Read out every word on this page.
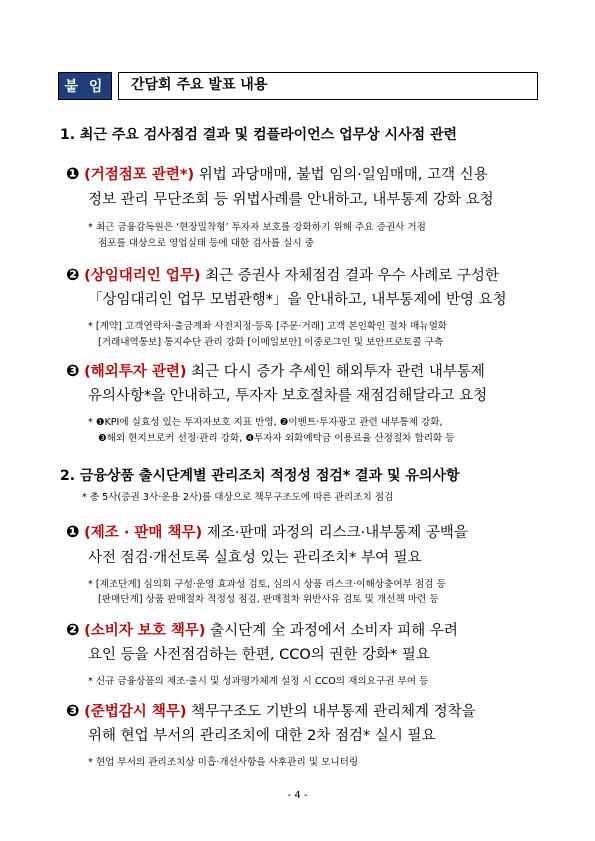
붙 임	간담회 주요 발표 내용
1. 최근 주요 검사점검 결과 및 컴플라이언스 업무상 시사점 관련
❶ (거점점포 관련*) 위법 과당매매, 불법 임의·일임매매, 고객 신용
정보 관리 무단조회 등 위법사례를 안내하고, 내부통제 강화 요청
* 최근 금융감독원은 ‘현장밀착형’ 투자자 보호를 강화하기 위해 주요 증권사 거점
점포를 대상으로 영업실태 등에 대한 검사를 실시 중
❷ (상임대리인 업무) 최근 증권사 자체점검 결과 우수 사례로 구성한
「상임대리인 업무 모범관행*」을 안내하고, 내부통제에 반영 요청
* [계약] 고객연락처·출금계좌 사전지정·등록 [주문·거래] 고객 본인확인 절차 매뉴얼화
[거래내역통보] 통지수단 관리 강화 [이메일보안] 이중로그인 및 보안프로토콜 구축
❸ (해외투자 관련) 최근 다시 증가 추세인 해외투자 관련 내부통제
유의사항*을 안내하고, 투자자 보호절차를 재점검해달라고 요청
* ❶KPI에 실효성 있는 투자자보호 지표 반영, ❷이벤트·투자광고 관련 내부통제 강화,
❸해외 현지브로커 선정·관리 강화, ❹투자자 외화예탁금 이용료율 산정절차 합리화 등
2. 금융상품 출시단계별 관리조치 적정성 점검* 결과 및 유의사항
* 총 5사(증권 3사·운용 2사)를 대상으로 책무구조도에 따른 관리조치 점검
❶ (제조 · 판매 책무) 제조·판매 과정의 리스크·내부통제 공백을
사전 점검·개선토록 실효성 있는 관리조치* 부여 필요
* [제조단계] 심의회 구성·운영 효과성 검토, 심의시 상품 리스크·이해상충여부 점검 등
[판매단계] 상품 판매절차 적정성 점검, 판매절차 위반사유 검토 및 개선책 마련 등
❷ (소비자 보호 책무) 출시단계 全 과정에서 소비자 피해 우려
요인 등을 사전점검하는 한편, CCO의 권한 강화* 필요
* 신규 금융상품의 제조·출시 및 성과평가체계 설정 시 CCO의 재의요구권 부여 등
❸ (준법감시 책무) 책무구조도 기반의 내부통제 관리체계 정착을
위해 현업 부서의 관리조치에 대한 2차 점검* 실시 필요
* 현업 부서의 관리조치상 미흡·개선사항을 사후관리 및 모니터링
- 4 -
